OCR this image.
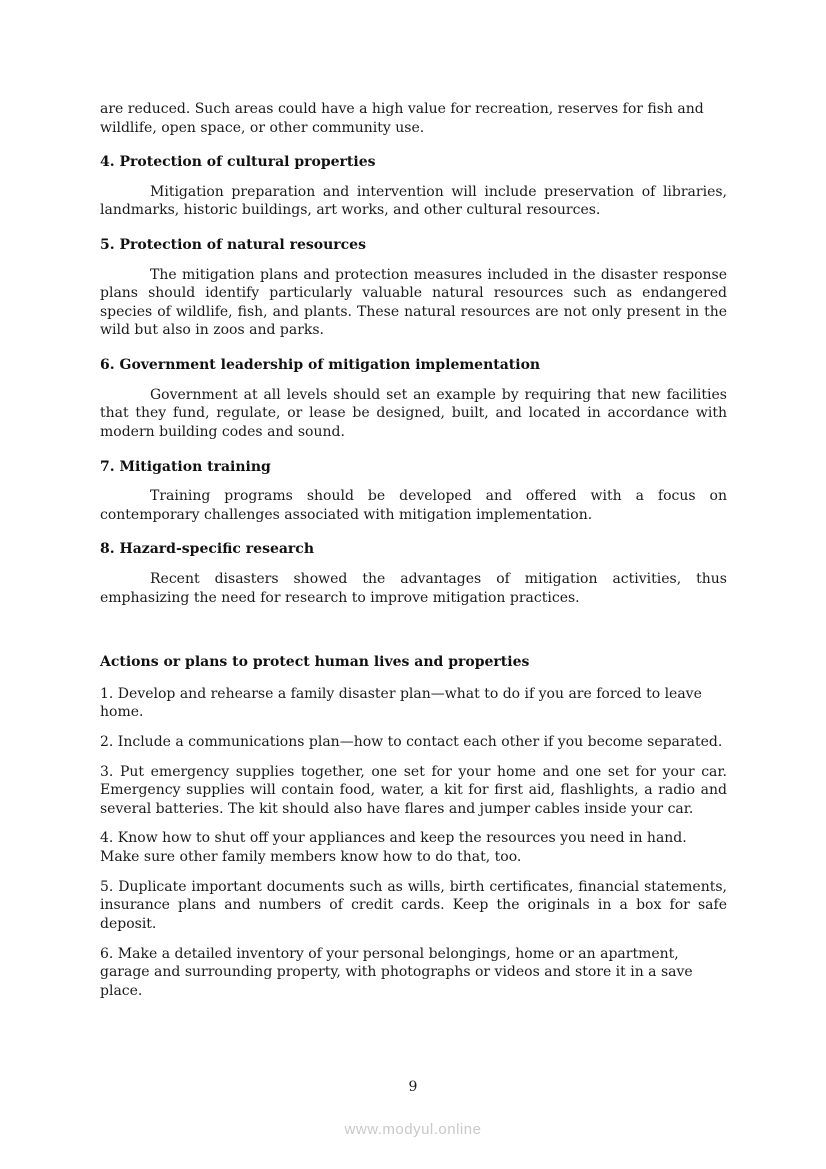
are reduced. Such areas could have a high value for recreation, reserves for fish and wildlife, open space, or other community use.

4. Protection of cultural properties

Mitigation preparation and intervention will include preservation of libraries, landmarks, historic buildings, art works, and other cultural resources.

5. Protection of natural resources

The mitigation plans and protection measures included in the disaster response plans should identify particularly valuable natural resources such as endangered species of wildlife, fish, and plants. These natural resources are not only present in the wild but also in zoos and parks.

6. Government leadership of mitigation implementation

Government at all levels should set an example by requiring that new facilities that they fund, regulate, or lease be designed, built, and located in accordance with modern building codes and sound.

7. Mitigation training

Training programs should be developed and offered with a focus on contemporary challenges associated with mitigation implementation.

8. Hazard-specific research

Recent disasters showed the advantages of mitigation activities, thus emphasizing the need for research to improve mitigation practices.

Actions or plans to protect human lives and properties

1. Develop and rehearse a family disaster plan—what to do if you are forced to leave home.

2. Include a communications plan—how to contact each other if you become separated.

3. Put emergency supplies together, one set for your home and one set for your car. Emergency supplies will contain food, water, a kit for first aid, flashlights, a radio and several batteries. The kit should also have flares and jumper cables inside your car.

4. Know how to shut off your appliances and keep the resources you need in hand. Make sure other family members know how to do that, too.

5. Duplicate important documents such as wills, birth certificates, financial statements, insurance plans and numbers of credit cards. Keep the originals in a box for safe deposit.

6. Make a detailed inventory of your personal belongings, home or an apartment, garage and surrounding property, with photographs or videos and store it in a save place.

9
www.modyul.online
